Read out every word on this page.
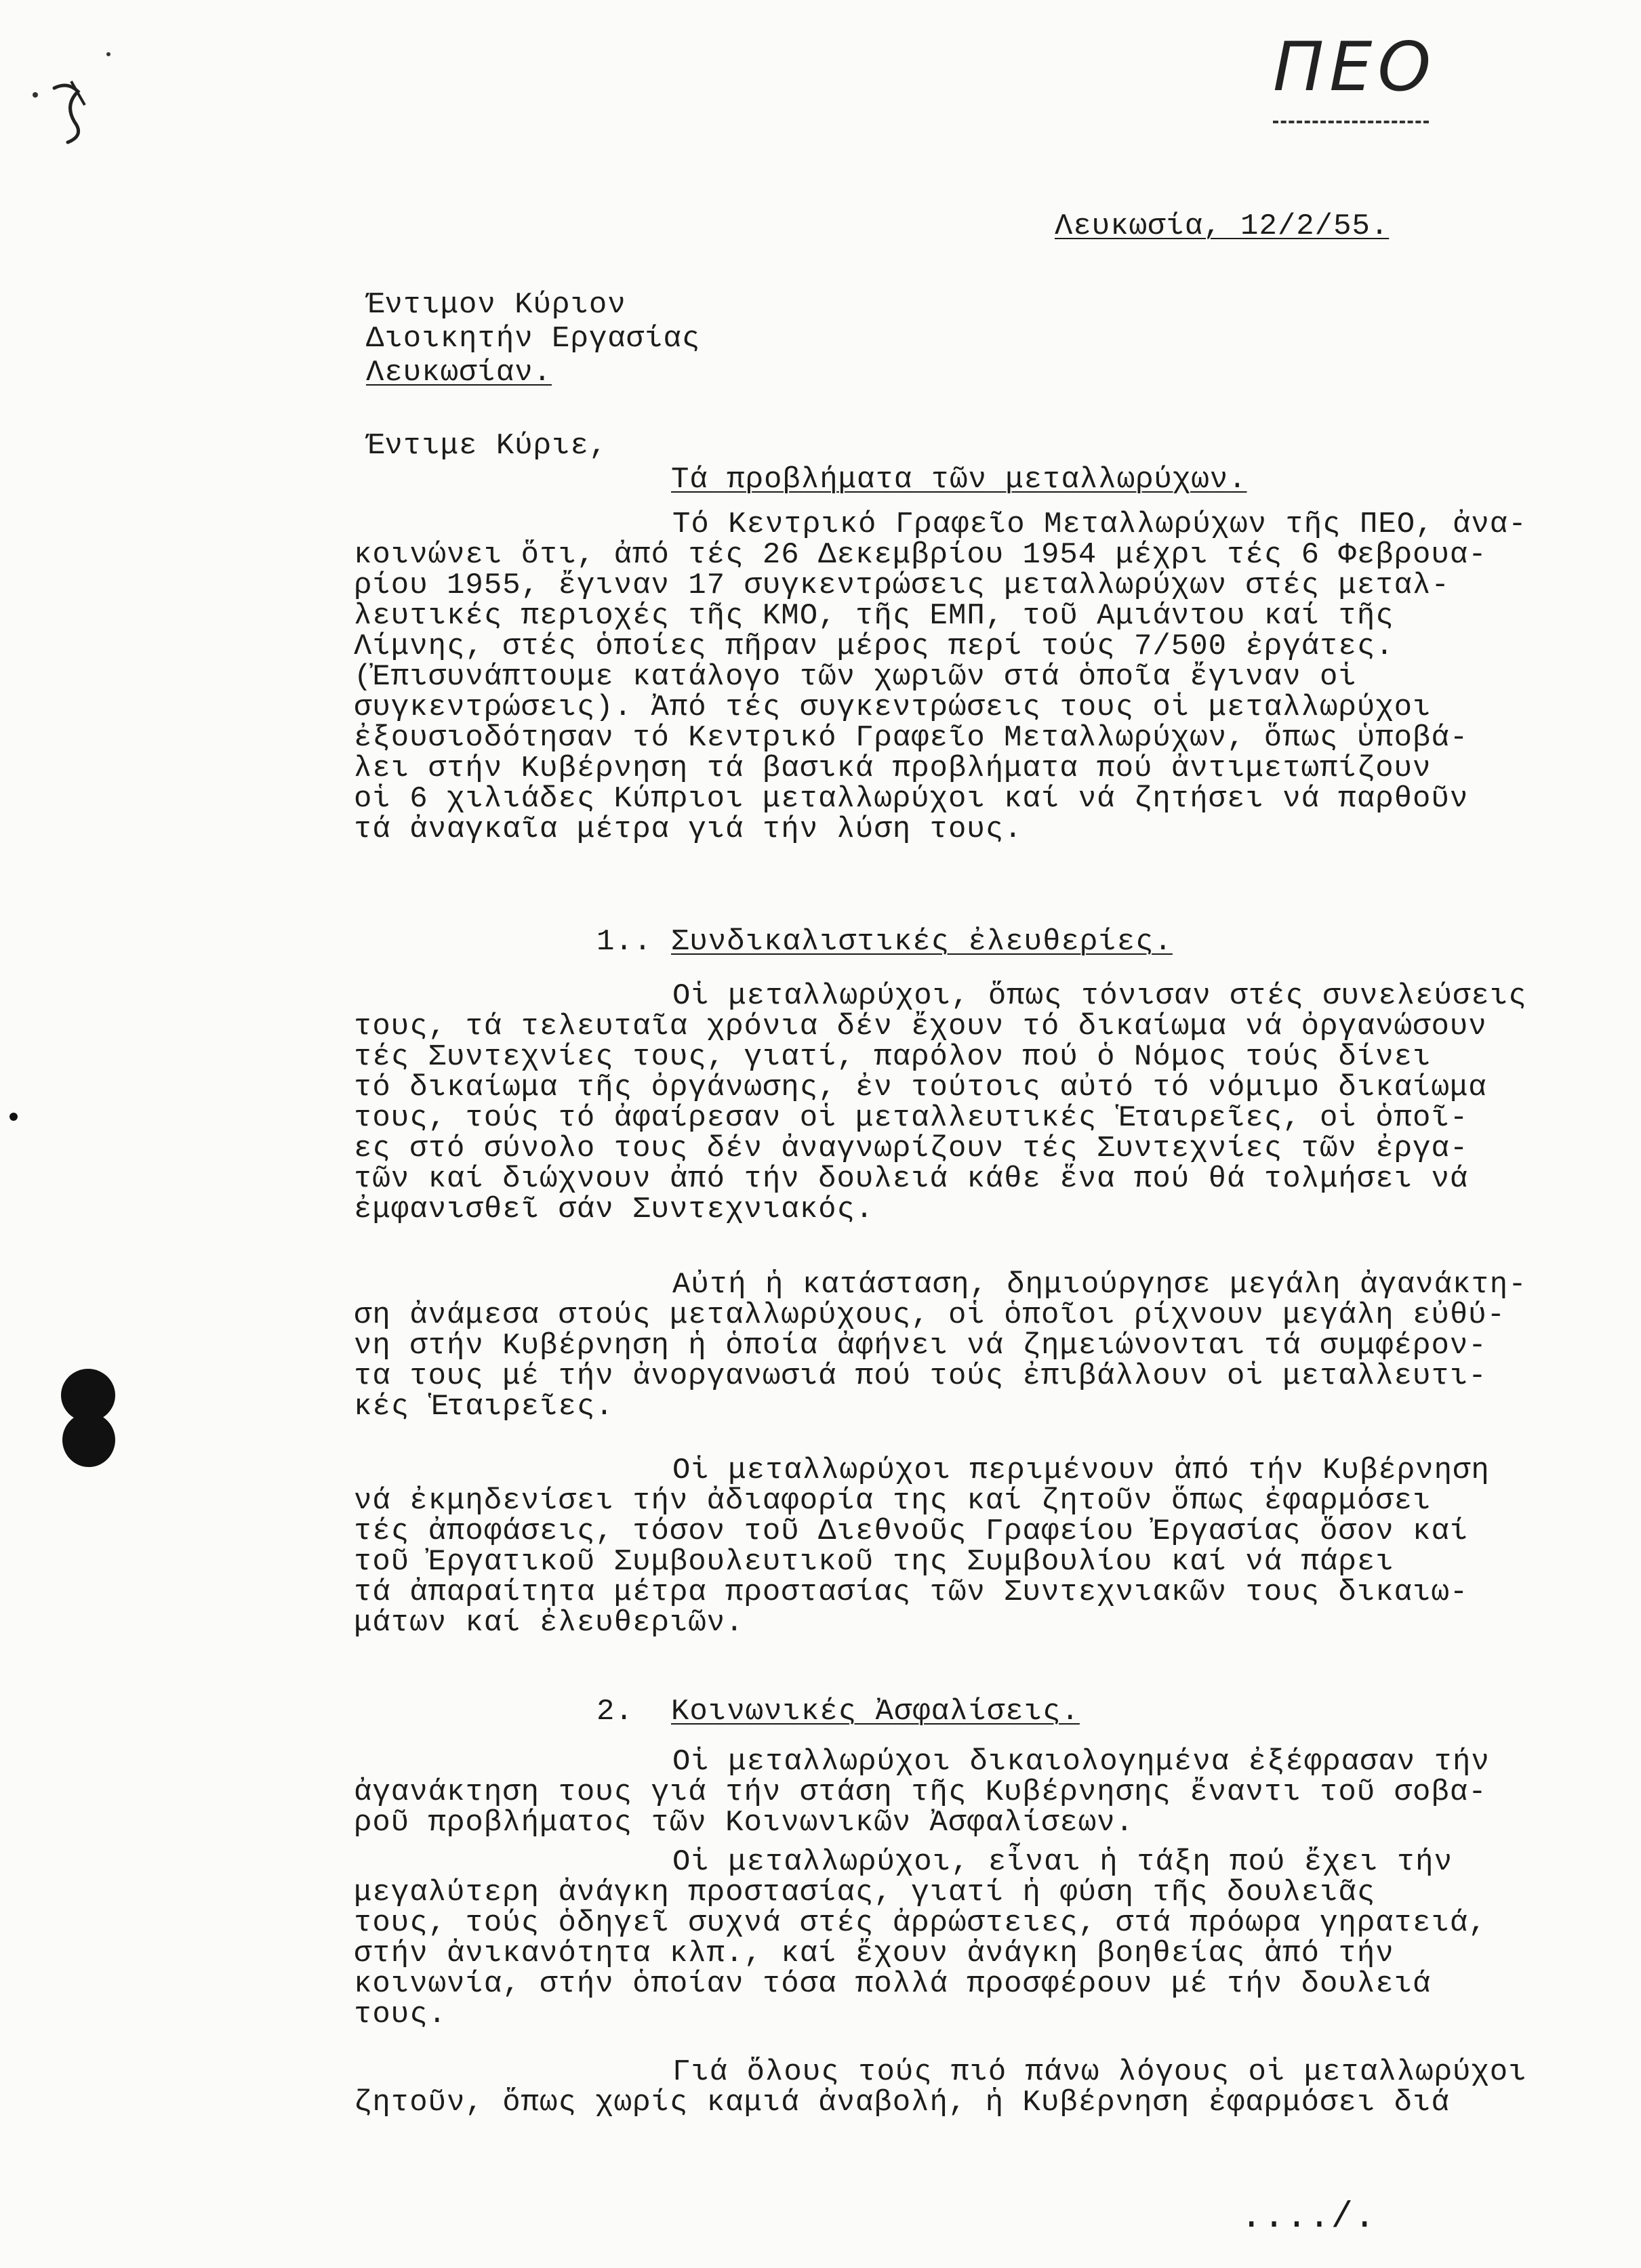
ΠΕΟ
Λευκωσία, 12/2/55.
Έντιμον Κύριον
Διοικητήν Εργασίας
Λευκωσίαν.
Έντιμε Κύριε,
Τά προβλήματα τῶν μεταλλωρύχων.
Τό Κεντρικό Γραφεῖο Μεταλλωρύχων τῆς ΠΕΟ, ἀνα-
κοινώνει ὅτι, ἀπό τές 26 Δεκεμβρίου 1954 μέχρι τές 6 Φεβρουα-
ρίου 1955, ἔγιναν 17 συγκεντρώσεις μεταλλωρύχων στές μεταλ-
λευτικές περιοχές τῆς ΚΜΟ, τῆς ΕΜΠ, τοῦ Αμιάντου καί τῆς
Λίμνης, στές ὁποίες πῆραν μέρος περί τούς 7/500 ἐργάτες.
(Ἐπισυνάπτουμε κατάλογο τῶν χωριῶν στά ὁποῖα ἔγιναν οἱ
συγκεντρώσεις). Ἀπό τές συγκεντρώσεις τους οἱ μεταλλωρύχοι
ἐξουσιοδότησαν τό Κεντρικό Γραφεῖο Μεταλλωρύχων, ὅπως ὑποβά-
λει στήν Κυβέρνηση τά βασικά προβλήματα πού ἀντιμετωπίζουν
οἱ 6 χιλιάδες Κύπριοι μεταλλωρύχοι καί νά ζητήσει νά παρθοῦν
τά ἀναγκαῖα μέτρα γιά τήν λύση τους.
1.. Συνδικαλιστικές ἐλευθερίες.
Οἱ μεταλλωρύχοι, ὅπως τόνισαν στές συνελεύσεις
τους, τά τελευταῖα χρόνια δέν ἔχουν τό δικαίωμα νά ὀργανώσουν
τές Συντεχνίες τους, γιατί, παρόλον πού ὁ Νόμος τούς δίνει
τό δικαίωμα τῆς ὀργάνωσης, ἐν τούτοις αὐτό τό νόμιμο δικαίωμα
τους, τούς τό ἀφαίρεσαν οἱ μεταλλευτικές Ἑταιρεῖες, οἱ ὁποῖ-
ες στό σύνολο τους δέν ἀναγνωρίζουν τές Συντεχνίες τῶν ἐργα-
τῶν καί διώχνουν ἀπό τήν δουλειά κάθε ἕνα πού θά τολμήσει νά
ἐμφανισθεῖ σάν Συντεχνιακός.
Αὐτή ἡ κατάσταση, δημιούργησε μεγάλη ἀγανάκτη-
ση ἀνάμεσα στούς μεταλλωρύχους, οἱ ὁποῖοι ρίχνουν μεγάλη εὐθύ-
νη στήν Κυβέρνηση ἡ ὁποία ἀφήνει νά ζημειώνονται τά συμφέρον-
τα τους μέ τήν ἀνοργανωσιά πού τούς ἐπιβάλλουν οἱ μεταλλευτι-
κές Ἑταιρεῖες.
Οἱ μεταλλωρύχοι περιμένουν ἀπό τήν Κυβέρνηση
νά ἐκμηδενίσει τήν ἀδιαφορία της καί ζητοῦν ὅπως ἐφαρμόσει
τές ἀποφάσεις, τόσον τοῦ Διεθνοῦς Γραφείου Ἐργασίας ὅσον καί
τοῦ Ἐργατικοῦ Συμβουλευτικοῦ της Συμβουλίου καί νά πάρει
τά ἀπαραίτητα μέτρα προστασίας τῶν Συντεχνιακῶν τους δικαιω-
μάτων καί ἐλευθεριῶν.
2. Κοινωνικές Ἀσφαλίσεις.
Οἱ μεταλλωρύχοι δικαιολογημένα ἐξέφρασαν τήν
ἀγανάκτηση τους γιά τήν στάση τῆς Κυβέρνησης ἔναντι τοῦ σοβα-
ροῦ προβλήματος τῶν Κοινωνικῶν Ἀσφαλίσεων.
Οἱ μεταλλωρύχοι, εἶναι ἡ τάξη πού ἔχει τήν
μεγαλύτερη ἀνάγκη προστασίας, γιατί ἡ φύση τῆς δουλειᾶς
τους, τούς ὁδηγεῖ συχνά στές ἀρρώστειες, στά πρόωρα γηρατειά,
στήν ἀνικανότητα κλπ., καί ἔχουν ἀνάγκη βοηθείας ἀπό τήν
κοινωνία, στήν ὁποίαν τόσα πολλά προσφέρουν μέ τήν δουλειά
τους.
Γιά ὅλους τούς πιό πάνω λόγους οἱ μεταλλωρύχοι
ζητοῦν, ὅπως χωρίς καμιά ἀναβολή, ἡ Κυβέρνηση ἐφαρμόσει διά
..../.
